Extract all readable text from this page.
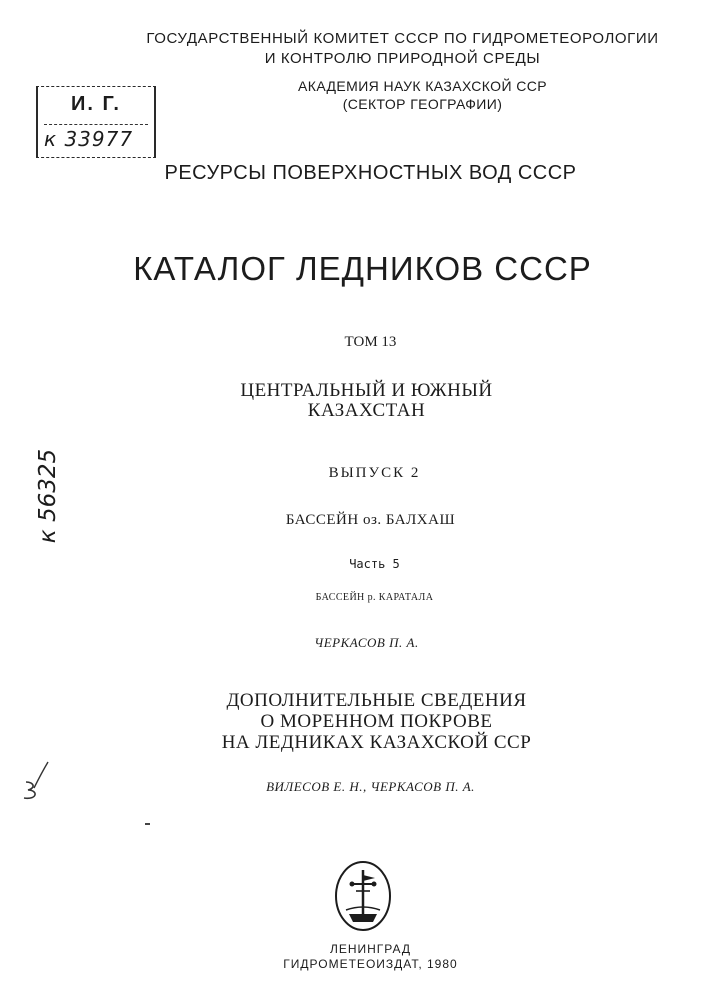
ГОСУДАРСТВЕННЫЙ КОМИТЕТ СССР ПО ГИДРОМЕТЕОРОЛОГИИ
И КОНТРОЛЮ ПРИРОДНОЙ СРЕДЫ
И. Г.
к 33977
АКАДЕМИЯ НАУК КАЗАХСКОЙ ССР
(СЕКТОР ГЕОГРАФИИ)
РЕСУРСЫ ПОВЕРХНОСТНЫХ ВОД СССР
КАТАЛОГ ЛЕДНИКОВ СССР
ТОМ 13
ЦЕНТРАЛЬНЫЙ И ЮЖНЫЙ
КАЗАХСТАН
к 56325	ВЫПУСК 2
БАССЕЙН оз. БАЛХАШ
Часть 5
БАССЕЙН р. КАРАТАЛА
ЧЕРКАСОВ П. А.
ДОПОЛНИТЕЛЬНЫЕ СВЕДЕНИЯ
О МОРЕННОМ ПОКРОВЕ
НА ЛЕДНИКАХ КАЗАХСКОЙ ССР
ВИЛЕСОВ Е. Н., ЧЕРКАСОВ П. А.
ЛЕНИНГРАД
ГИДРОМЕТЕОИЗДАТ, 1980
